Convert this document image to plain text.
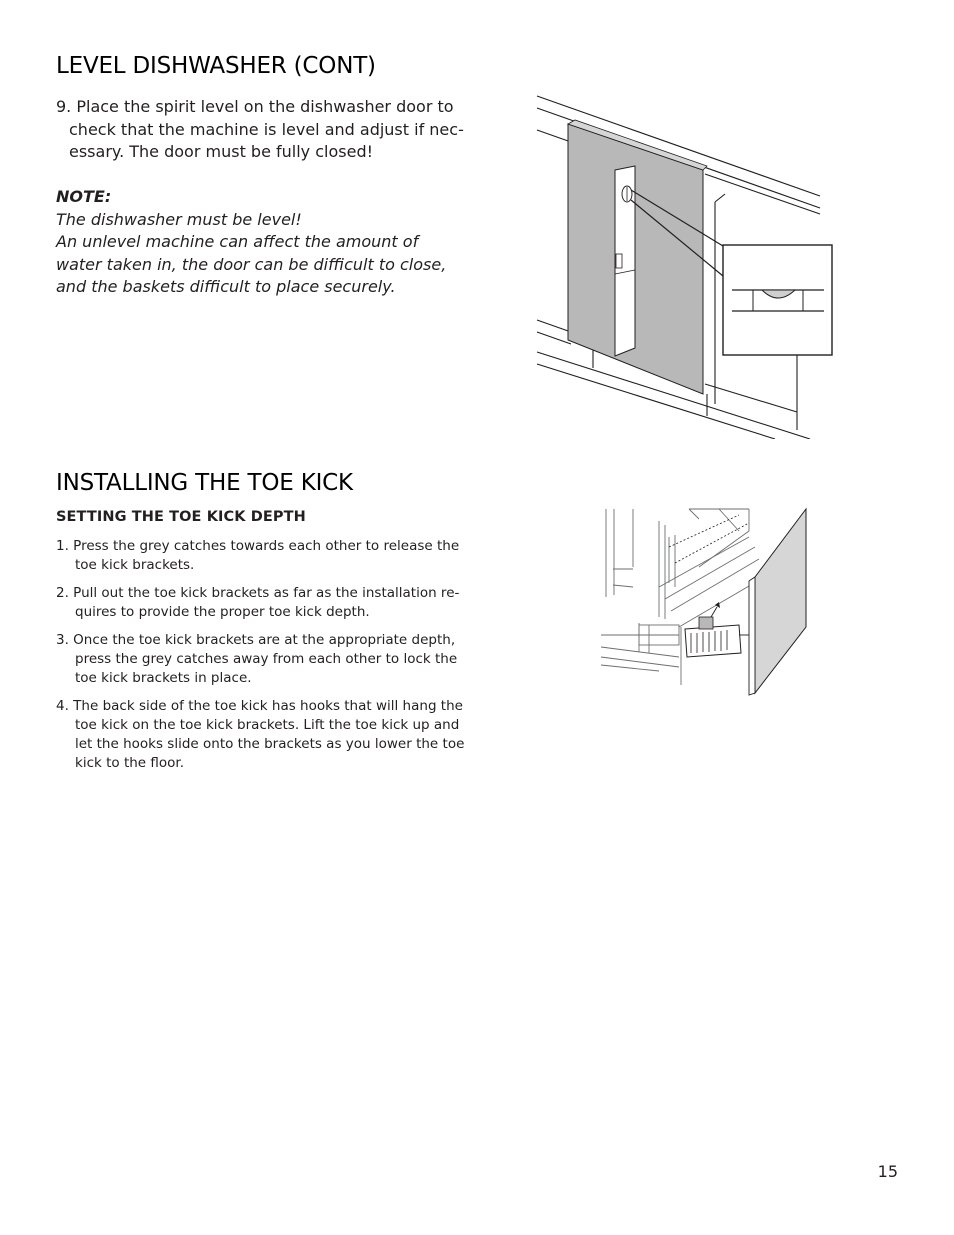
LEVEL DISHWASHER (CONT)

9. Place the spirit level on the dishwasher door to check that the machine is level and adjust if nec- essary. The door must be fully closed!

NOTE:

The dishwasher must be level!

An unlevel machine can affect the amount of water taken in, the door can be difficult to close, and the baskets difficult to place securely.

INSTALLING THE TOE KICK

SETTING THE TOE KICK DEPTH

1. Press the grey catches towards each other to release the toe kick brackets.
2. Pull out the toe kick brackets as far as the installation re- quires to provide the proper toe kick depth.
3. Once the toe kick brackets are at the appropriate depth, press the grey catches away from each other to lock the toe kick brackets in place.
4. The back side of the toe kick has hooks that will hang the toe kick on the toe kick brackets. Lift the toe kick up and let the hooks slide onto the brackets as you lower the toe kick to the floor.
15
